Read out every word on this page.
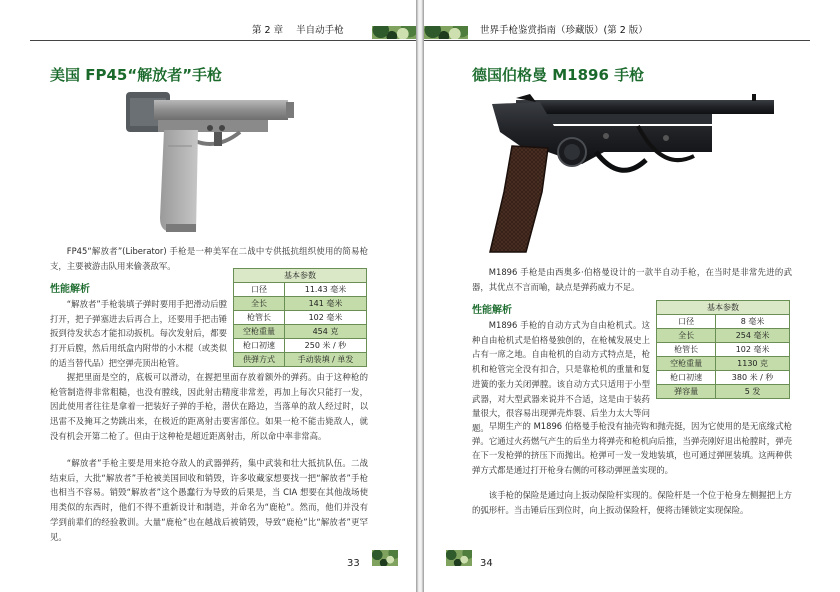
第 2 章 半自动手枪
美国 FP45“解放者”手枪
FP45“解放者”(Liberator) 手枪是一种美军在二战中专供抵抗组织使用的简易枪支，主要被游击队用来偷袭敌军。
基本参数	
口径	11.43 毫米
全长	141 毫米
枪管长	102 毫米
空枪重量	454 克
枪口初速	250 米 / 秒
供弹方式	手动装填 / 单发
性能解析
“解放者”手枪装填子弹时要用手把滑动后膛打开，把子弹塞进去后再合上，还要用手把击锤扳到待发状态才能扣动扳机。每次发射后，都要打开后膛，然后用纸盒内附带的小木棍（或类似的适当替代品）把空弹壳顶出枪管。
握把里面是空的，底板可以滑动，在握把里面存放着额外的弹药。由于这种枪的枪管制造得非常粗糙，也没有膛线，因此射击精度非常差，再加上每次只能打一发，因此使用者往往是拿着一把装好子弹的手枪，潜伏在路边，当落单的敌人经过时，以迅雷不及掩耳之势跳出来，在极近的距离射击要害部位。如果一枪不能击毙敌人，就没有机会开第二枪了。但由于这种枪是超近距离射击，所以命中率非常高。
“解放者”手枪主要是用来抢夺敌人的武器弹药，集中武装和壮大抵抗队伍。二战结束后，大批“解放者”手枪被美国回收和销毁，许多收藏家想要找一把“解放者”手枪也相当不容易。销毁“解放者”这个愚蠢行为导致的后果是，当 CIA 想要在其他战场使用类似的东西时，他们不得不重新设计和制造，并命名为“鹿枪”。然而，他们并没有学到前辈们的经验教训。大量“鹿枪”也在越战后被销毁，导致“鹿枪”比“解放者”更罕见。
33
世界手枪鉴赏指南（珍藏版）(第 2 版）
德国伯格曼 M1896 手枪
M1896 手枪是由西奥多·伯格曼设计的一款半自动手枪，在当时是非常先进的武器，其优点不言而喻，缺点是弹药威力不足。
性能解析	基本参数	
口径	8 毫米
全长	254 毫米
枪管长	102 毫米
空枪重量	1130 克
枪口初速	380 米 / 秒
弹容量	5 发
M1896 手枪的自动方式为自由枪机式。这种自由枪机式是伯格曼独创的，在枪械发展史上占有一席之地。自由枪机的自动方式特点是，枪机和枪管完全没有扣合，只是靠枪机的重量和复进簧的张力关闭弹膛。该自动方式只适用于小型武器，对大型武器来说并不合适，这是由于装药量很大，很容易出现弹壳炸裂、后坐力太大等问题。 早期生产的 M1896 伯格曼手枪没有抽壳钩和抛壳挺，因为它使用的是无底缘式枪弹。它通过火药燃气产生的后坐力将弹壳和枪机向后推，当弹壳刚好退出枪膛时，弹壳在下一发枪弹的挤压下而抛出。枪弹可一发一发地装填，也可通过弹匣装填。这两种供弹方式都是通过打开枪身右侧的可移动弹匣盖实现的。
该手枪的保险是通过向上扳动保险杆实现的。保险杆是一个位于枪身左侧握把上方的弧形杆。当击锤后压到位时，向上扳动保险杆，便将击锤锁定实现保险。
34
